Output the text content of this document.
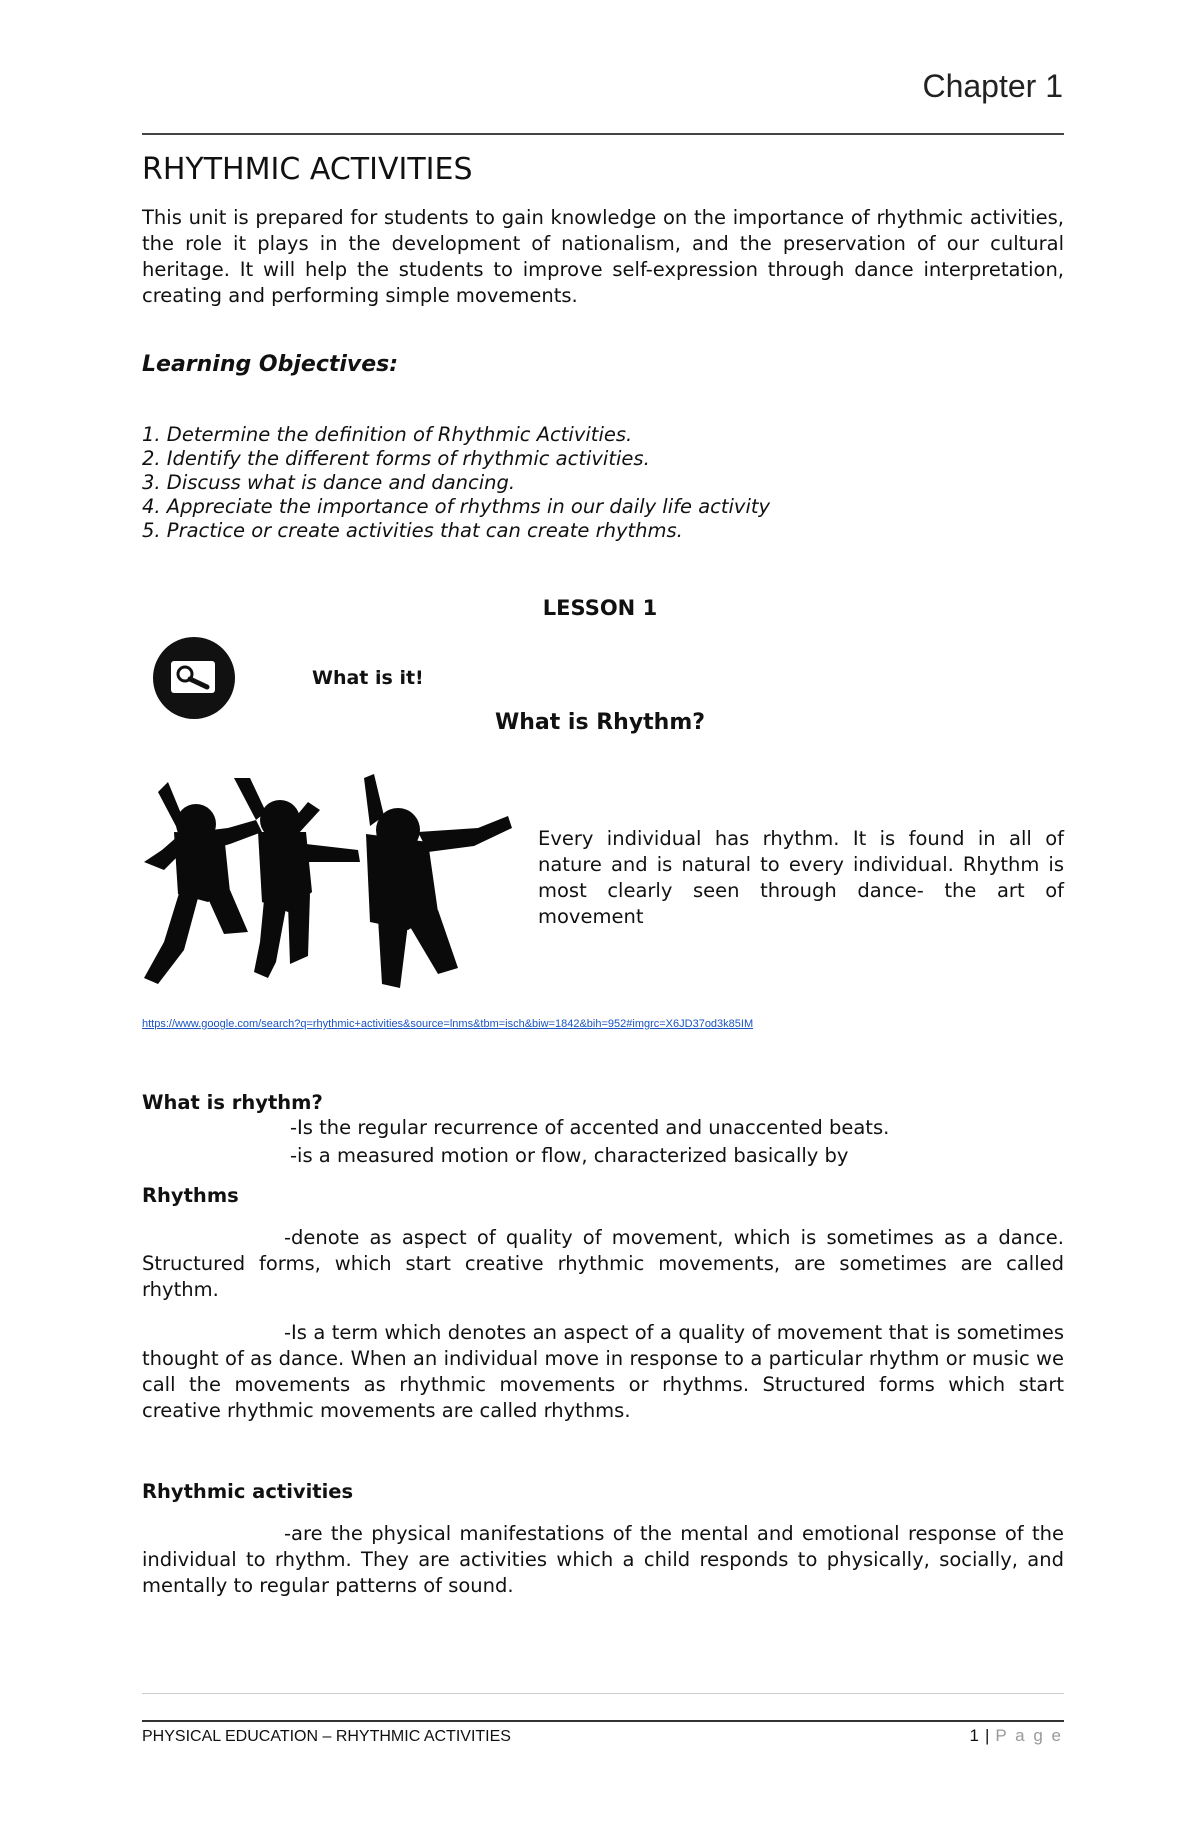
Chapter 1
RHYTHMIC ACTIVITIES
This unit is prepared for students to gain knowledge on the importance of rhythmic activities, the role it plays in the development of nationalism, and the preservation of our cultural heritage. It will help the students to improve self-expression through dance interpretation, creating and performing simple movements.
Learning Objectives:
1. Determine the definition of Rhythmic Activities.
2. Identify the different forms of rhythmic activities.
3. Discuss what is dance and dancing.
4. Appreciate the importance of rhythms in our daily life activity
5. Practice or create activities that can create rhythms.
LESSON 1
What is it!
What is Rhythm?
Every individual has rhythm. It is found in all of nature and is natural to every individual. Rhythm is most clearly seen through dance- the art of movement
https://www.google.com/search?q=rhythmic+activities&source=lnms&tbm=isch&biw=1842&bih=952#imgrc=X6JD37od3k85IM
What is rhythm?
-Is the regular recurrence of accented and unaccented beats.
-is a measured motion or flow, characterized basically by
Rhythms
-denote as aspect of quality of movement, which is sometimes as a dance. Structured forms, which start creative rhythmic movements, are sometimes are called rhythm.
-Is a term which denotes an aspect of a quality of movement that is sometimes thought of as dance. When an individual move in response to a particular rhythm or music we call the movements as rhythmic movements or rhythms. Structured forms which start creative rhythmic movements are called rhythms.
Rhythmic activities
-are the physical manifestations of the mental and emotional response of the individual to rhythm. They are activities which a child responds to physically, socially, and mentally to regular patterns of sound.
PHYSICAL EDUCATION – RHYTHMIC ACTIVITIES	1 | P a g e
